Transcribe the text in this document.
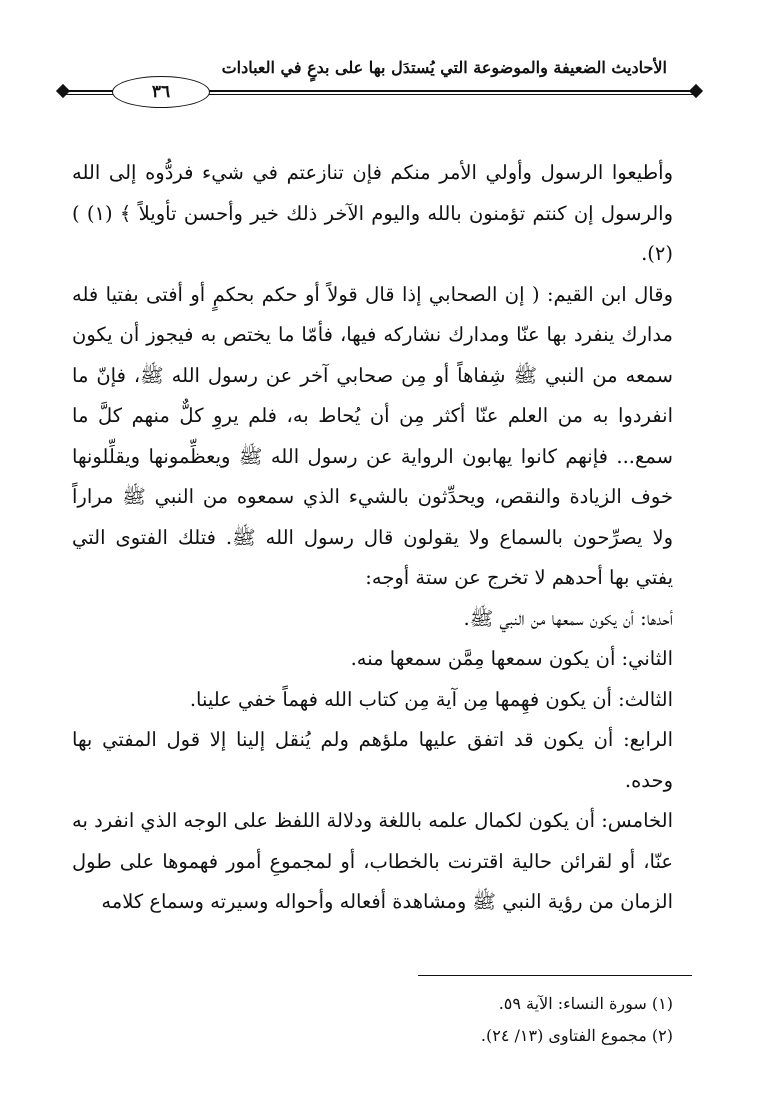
الأحاديث الضعيفة والموضوعة التي يُستدَل بها على بدعٍ في العبادات
٣٦

وأطيعوا الرسول وأولي الأمر منكم فإن تنازعتم في شيء فردُّوه إلى الله والرسول إن كنتم تؤمنون بالله واليوم الآخر ذلك خير وأحسن تأويلاً ﴾ (١) ) (٢).

وقال ابن القيم: ( إن الصحابي إذا قال قولاً أو حكم بحكمٍ أو أفتى بفتيا فله مدارك ينفرد بها عنّا ومدارك نشاركه فيها، فأمّا ما يختص به فيجوز أن يكون سمعه من النبي ﷺ شِفاهاً أو مِن صحابي آخر عن رسول الله ﷺ، فإنّ ما انفردوا به من العلم عنّا أكثر مِن أن يُحاط به، فلم يروِ كلٌّ منهم كلَّ ما سمع... فإنهم كانوا يهابون الرواية عن رسول الله ﷺ ويعظِّمونها ويقلِّلونها خوف الزيادة والنقص، ويحدِّثون بالشيء الذي سمعوه من النبي ﷺ مراراً ولا يصرِّحون بالسماع ولا يقولون قال رسول الله ﷺ. فتلك الفتوى التي يفتي بها أحدهم لا تخرج عن ستة أوجه:

أحدها: أن يكون سمعها من النبي ﷺ.

الثاني: أن يكون سمعها مِمَّن سمعها منه.

الثالث: أن يكون فهِمها مِن آية مِن كتاب الله فهماً خفي علينا.

الرابع: أن يكون قد اتفق عليها ملؤهم ولم يُنقل إلينا إلا قول المفتي بها وحده.

الخامس: أن يكون لكمال علمه باللغة ودلالة اللفظ على الوجه الذي انفرد به عنّا، أو لقرائن حالية اقترنت بالخطاب، أو لمجموعِ أمور فهموها على طول الزمان من رؤية النبي ﷺ ومشاهدة أفعاله وأحواله وسيرته وسماع كلامه

(١) سورة النساء: الآية ٥٩.

(٢) مجموع الفتاوى (١٣/ ٢٤).
